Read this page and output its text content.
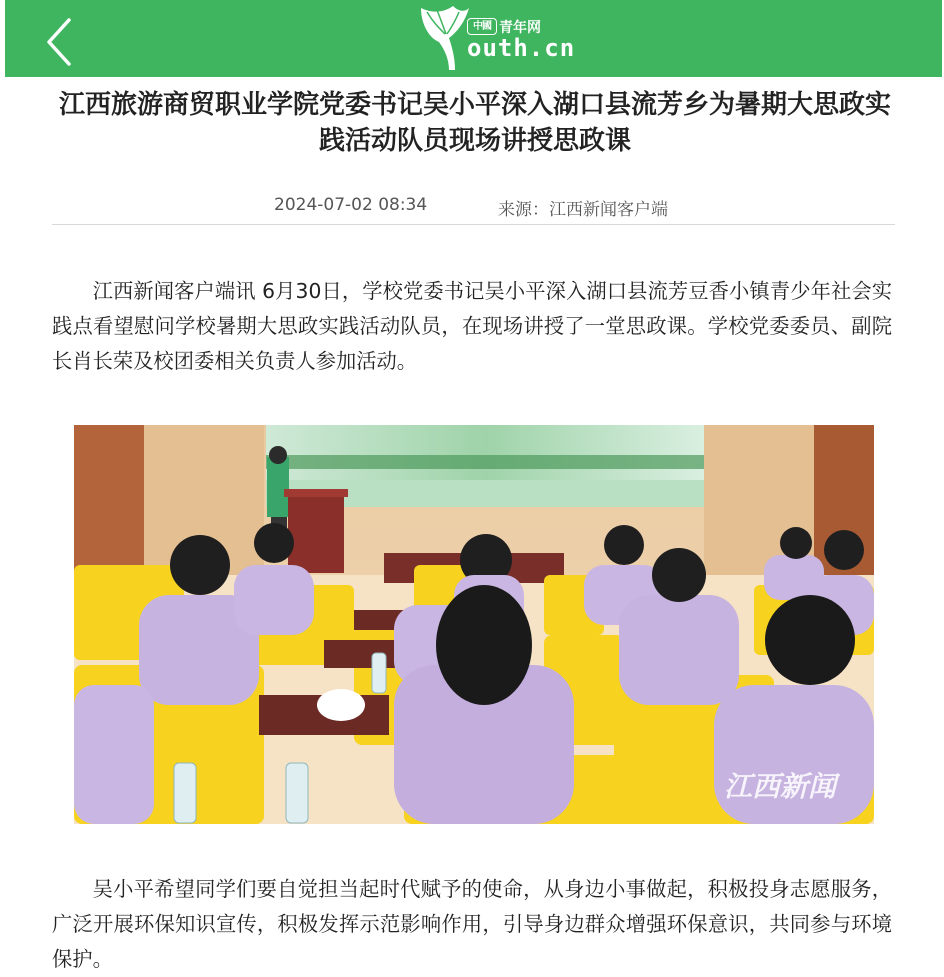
中國 青年网
outh.cn
江西旅游商贸职业学院党委书记吴小平深入湖口县流芳乡为暑期大思政实践活动队员现场讲授思政课
2024-07-02 08:34	来源：江西新闻客户端

江西新闻客户端讯 6月30日，学校党委书记吴小平深入湖口县流芳豆香小镇青少年社会实践点看望慰问学校暑期大思政实践活动队员，在现场讲授了一堂思政课。学校党委委员、副院长肖长荣及校团委相关负责人参加活动。

江西新闻

吴小平希望同学们要自觉担当起时代赋予的使命，从身边小事做起，积极投身志愿服务，广泛开展环保知识宣传，积极发挥示范影响作用，引导身边群众增强环保意识，共同参与环境保护。
